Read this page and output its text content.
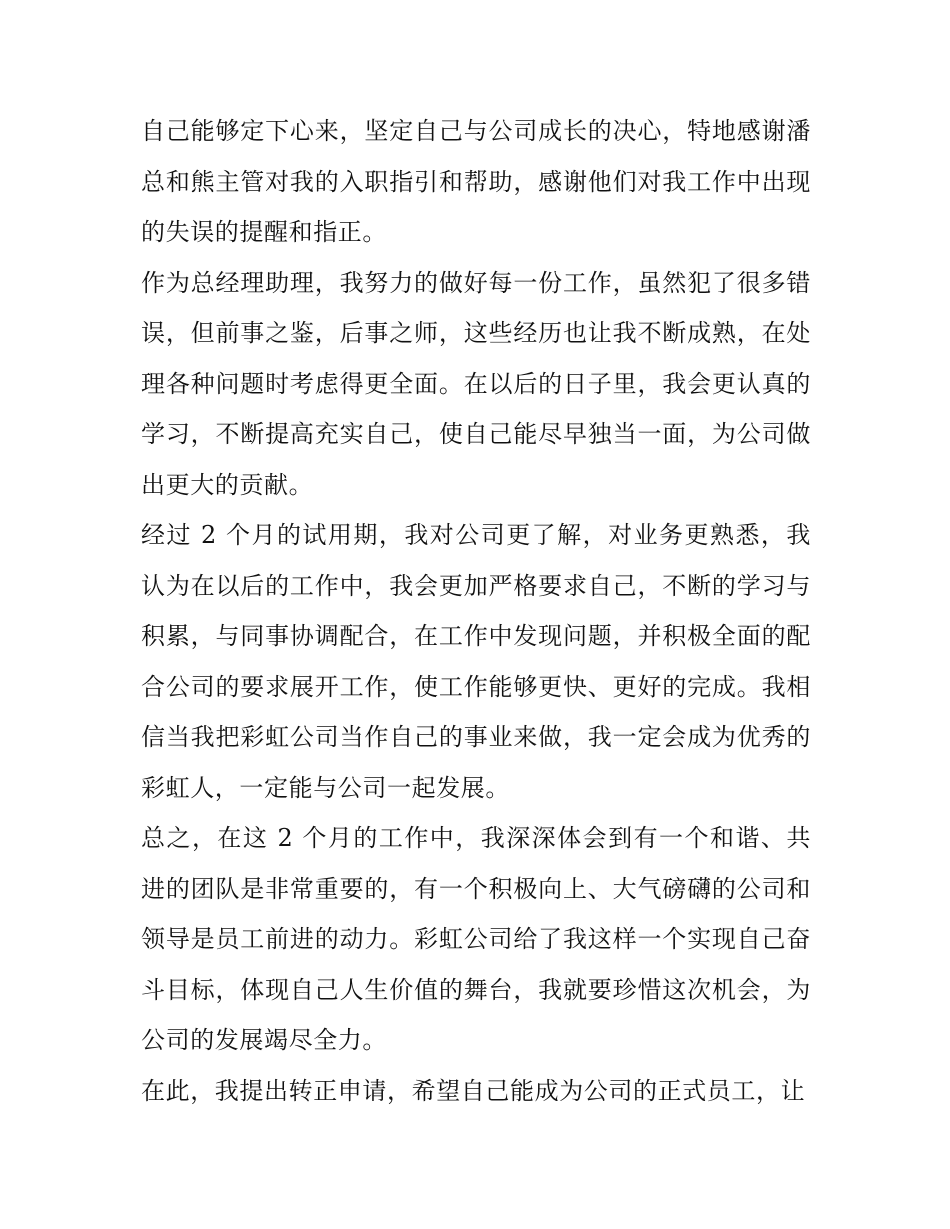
自己能够定下心来，坚定自己与公司成长的决心，特地感谢潘总和熊主管对我的入职指引和帮助，感谢他们对我工作中出现的失误的提醒和指正。

作为总经理助理，我努力的做好每一份工作，虽然犯了很多错误，但前事之鉴，后事之师，这些经历也让我不断成熟，在处理各种问题时考虑得更全面。在以后的日子里，我会更认真的学习，不断提高充实自己，使自己能尽早独当一面，为公司做出更大的贡献。

经过 2 个月的试用期，我对公司更了解，对业务更熟悉，我认为在以后的工作中，我会更加严格要求自己，不断的学习与积累，与同事协调配合，在工作中发现问题，并积极全面的配合公司的要求展开工作，使工作能够更快、更好的完成。我相信当我把彩虹公司当作自己的事业来做，我一定会成为优秀的彩虹人，一定能与公司一起发展。

总之，在这 2 个月的工作中，我深深体会到有一个和谐、共进的团队是非常重要的，有一个积极向上、大气磅礴的公司和领导是员工前进的动力。彩虹公司给了我这样一个实现自己奋斗目标，体现自己人生价值的舞台，我就要珍惜这次机会，为公司的发展竭尽全力。

在此，我提出转正申请，希望自己能成为公司的正式员工，让
